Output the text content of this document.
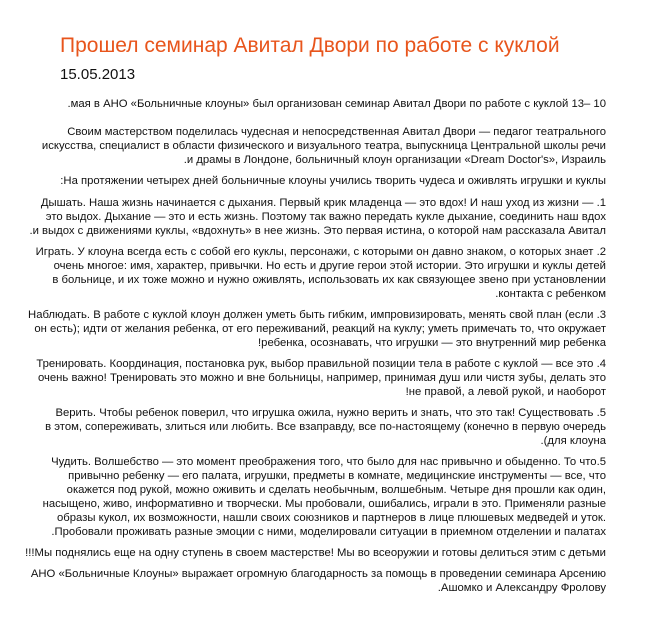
Прошел семинар Авитал Двори по работе с куклой
15.05.2013
.мая в АНО «Больничные клоуны» был организован семинар Авитал Двори по работе с куклой 13– 10
Своим мастерством поделилась чудесная и непосредственная Авитал Двори — педагог театрального
искусства, специалист в области физического и визуального театра, выпускница Центральной школы речи
.и драмы в Лондоне, больничный клоун организации «Dream Doctor's», Израиль
:На протяжении четырех дней больничные клоуны учились творить чудеса и оживлять игрушки и куклы
Дышать. Наша жизнь начинается с дыхания. Первый крик младенца — это вдох! И наш уход из жизни — .1
это выдох. Дыхание — это и есть жизнь. Поэтому так важно передать кукле дыхание, соединить наш вдох
.и выдох с движениями куклы, «вдохнуть» в нее жизнь. Это первая истина, о которой нам рассказала Авитал
Играть. У клоуна всегда есть с собой его куклы, персонажи, с которыми он давно знаком, о которых знает .2
очень многое: имя, характер, привычки. Но есть и другие герои этой истории. Это игрушки и куклы детей
в больнице, и их тоже можно и нужно оживлять, использовать их как связующее звено при установлении
.контакта с ребенком
Наблюдать. В работе с куклой клоун должен уметь быть гибким, импровизировать, менять свой план (если .3
он есть); идти от желания ребенка, от его переживаний, реакций на куклу; уметь примечать то, что окружает
!ребенка, осознавать, что игрушки — это внутренний мир ребенка
Тренировать. Координация, постановка рук, выбор правильной позиции тела в работе с куклой — все это .4
очень важно! Тренировать это можно и вне больницы, например, принимая душ или чистя зубы, делать это
!не правой, а левой рукой, и наоборот
Верить. Чтобы ребенок поверил, что игрушка ожила, нужно верить и знать, что это так! Существовать .5
в этом, сопереживать, злиться или любить. Все взаправду, все по-настоящему (конечно в первую очередь
.(для клоуна
Чудить. Волшебство — это момент преображения того, что было для нас привычно и обыденно. То что.5
привычно ребенку — его палата, игрушки, предметы в комнате, медицинские инструменты — все, что
окажется под рукой, можно оживить и сделать необычным, волшебным. Четыре дня прошли как один,
насыщено, живо, информативно и творчески. Мы пробовали, ошибались, играли в это. Применяли разные
образы кукол, их возможности, нашли своих союзников и партнеров в лице плюшевых медведей и уток.
.Пробовали проживать разные эмоции с ними, моделировали ситуации в приемном отделении и палатах
!!!Мы поднялись еще на одну ступень в своем мастерстве! Мы во всеоружии и готовы делиться этим с детьми
АНО «Больничные Клоуны» выражает огромную благодарность за помощь в проведении семинара Арсению
.Ашомко и Александру Фролову
